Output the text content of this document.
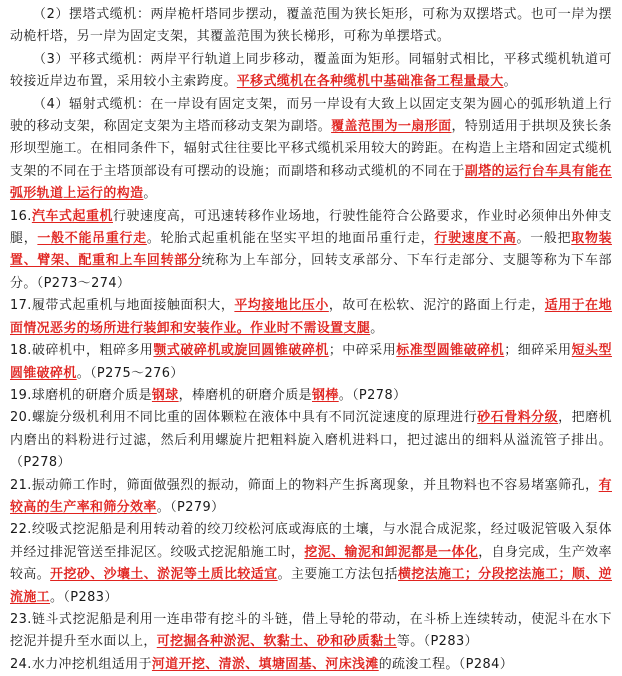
（2）摆塔式缆机：两岸桅杆塔同步摆动，覆盖范围为狭长矩形，可称为双摆塔式。也可一岸为摆动桅杆塔，另一岸为固定支架，其覆盖范围为狭长梯形，可称为单摆塔式。

（3）平移式缆机：两岸平行轨道上同步移动，覆盖面为矩形。同辐射式相比，平移式缆机轨道可较接近岸边布置，采用较小主索跨度。平移式缆机在各种缆机中基础准备工程量最大。

（4）辐射式缆机：在一岸设有固定支架，而另一岸设有大致上以固定支架为圆心的弧形轨道上行驶的移动支架，称固定支架为主塔而移动支架为副塔。覆盖范围为一扇形面，特别适用于拱坝及狭长条形坝型施工。在相同条件下，辐射式往往要比平移式缆机采用较大的跨距。在构造上主塔和固定式缆机支架的不同在于主塔顶部设有可摆动的设施；而副塔和移动式缆机的不同在于副塔的运行台车具有能在弧形轨道上运行的构造。

16.汽车式起重机行驶速度高，可迅速转移作业场地，行驶性能符合公路要求，作业时必须伸出外伸支腿，一般不能吊重行走。轮胎式起重机能在坚实平坦的地面吊重行走，行驶速度不高。一般把取物装置、臂架、配重和上车回转部分统称为上车部分，回转支承部分、下车行走部分、支腿等称为下车部分。（P273～274）

17.履带式起重机与地面接触面积大，平均接地比压小，故可在松软、泥泞的路面上行走，适用于在地面情况恶劣的场所进行装卸和安装作业。作业时不需设置支腿。

18.破碎机中，粗碎多用颚式破碎机或旋回圆锥破碎机；中碎采用标准型圆锥破碎机；细碎采用短头型圆锥破碎机。（P275～276）

19.球磨机的研磨介质是钢球，棒磨机的研磨介质是钢棒。（P278）

20.螺旋分级机利用不同比重的固体颗粒在液体中具有不同沉淀速度的原理进行砂石骨料分级，把磨机内磨出的料粉进行过滤，然后利用螺旋片把粗料旋入磨机进料口，把过滤出的细料从溢流管子排出。（P278）

21.振动筛工作时，筛面做强烈的振动，筛面上的物料产生拆离现象，并且物料也不容易堵塞筛孔，有较高的生产率和筛分效率。（P279）

22.绞吸式挖泥船是利用转动着的绞刀绞松河底或海底的土壤，与水混合成泥浆，经过吸泥管吸入泵体并经过排泥管送至排泥区。绞吸式挖泥船施工时，挖泥、输泥和卸泥都是一体化，自身完成，生产效率较高。开挖砂、沙壤土、淤泥等土质比较适宜。主要施工方法包括横挖法施工；分段挖法施工；顺、逆流施工。（P283）

23.链斗式挖泥船是利用一连串带有挖斗的斗链，借上导轮的带动，在斗桥上连续转动，使泥斗在水下挖泥并提升至水面以上，可挖掘各种淤泥、软黏土、砂和砂质黏土等。（P283）

24.水力冲挖机组适用于河道开挖、清淤、填塘固基、河床浅滩的疏浚工程。（P284）
